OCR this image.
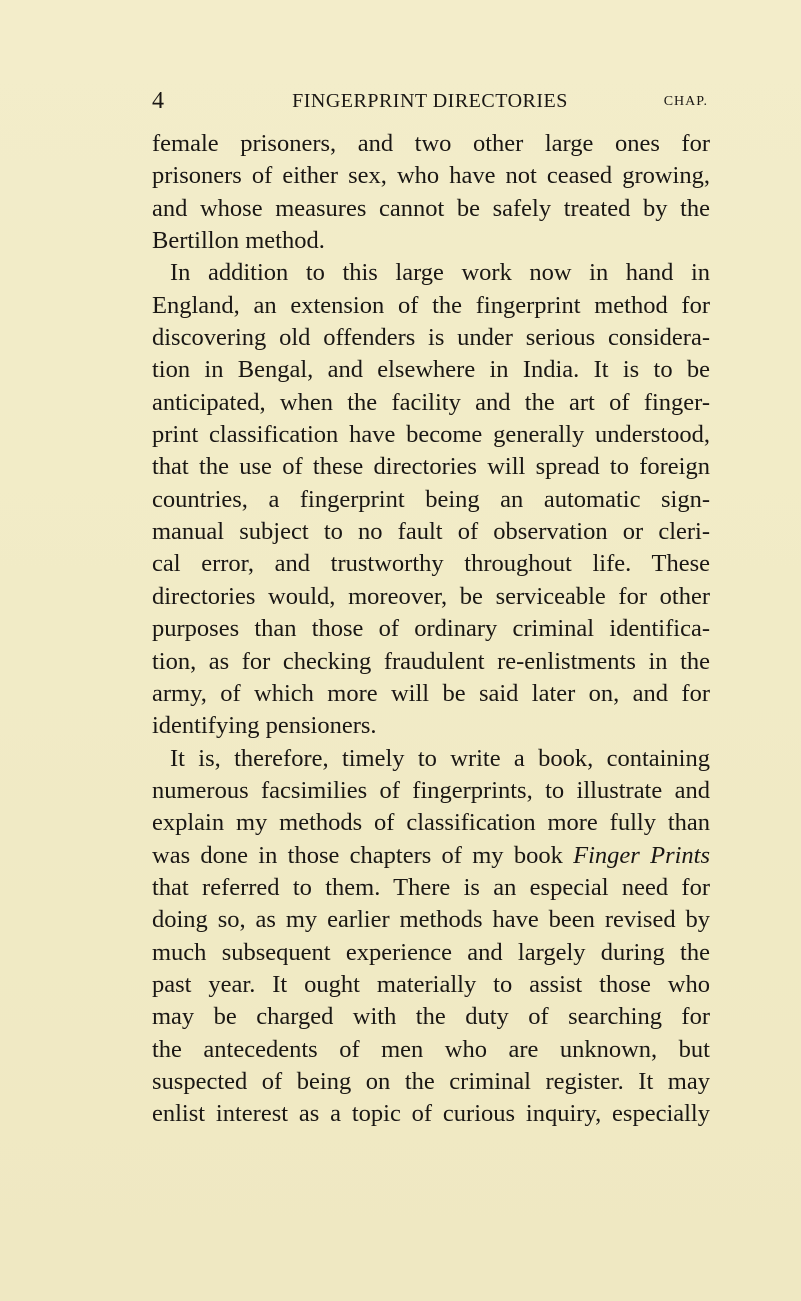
4	FINGERPRINT DIRECTORIES	CHAP.
female prisoners, and two other large ones for
prisoners of either sex, who have not ceased growing,
and whose measures cannot be safely treated by the
Bertillon method.
In addition to this large work now in hand in
England, an extension of the fingerprint method for
discovering old offenders is under serious considera-
tion in Bengal, and elsewhere in India. It is to be
anticipated, when the facility and the art of finger-
print classification have become generally understood,
that the use of these directories will spread to foreign
countries, a fingerprint being an automatic sign-
manual subject to no fault of observation or cleri-
cal error, and trustworthy throughout life. These
directories would, moreover, be serviceable for other
purposes than those of ordinary criminal identifica-
tion, as for checking fraudulent re-enlistments in the
army, of which more will be said later on, and for
identifying pensioners.
It is, therefore, timely to write a book, containing
numerous facsimilies of fingerprints, to illustrate and
explain my methods of classification more fully than
was done in those chapters of my book Finger Prints
that referred to them. There is an especial need for
doing so, as my earlier methods have been revised by
much subsequent experience and largely during the
past year. It ought materially to assist those who
may be charged with the duty of searching for
the antecedents of men who are unknown, but
suspected of being on the criminal register. It may
enlist interest as a topic of curious inquiry, especially
